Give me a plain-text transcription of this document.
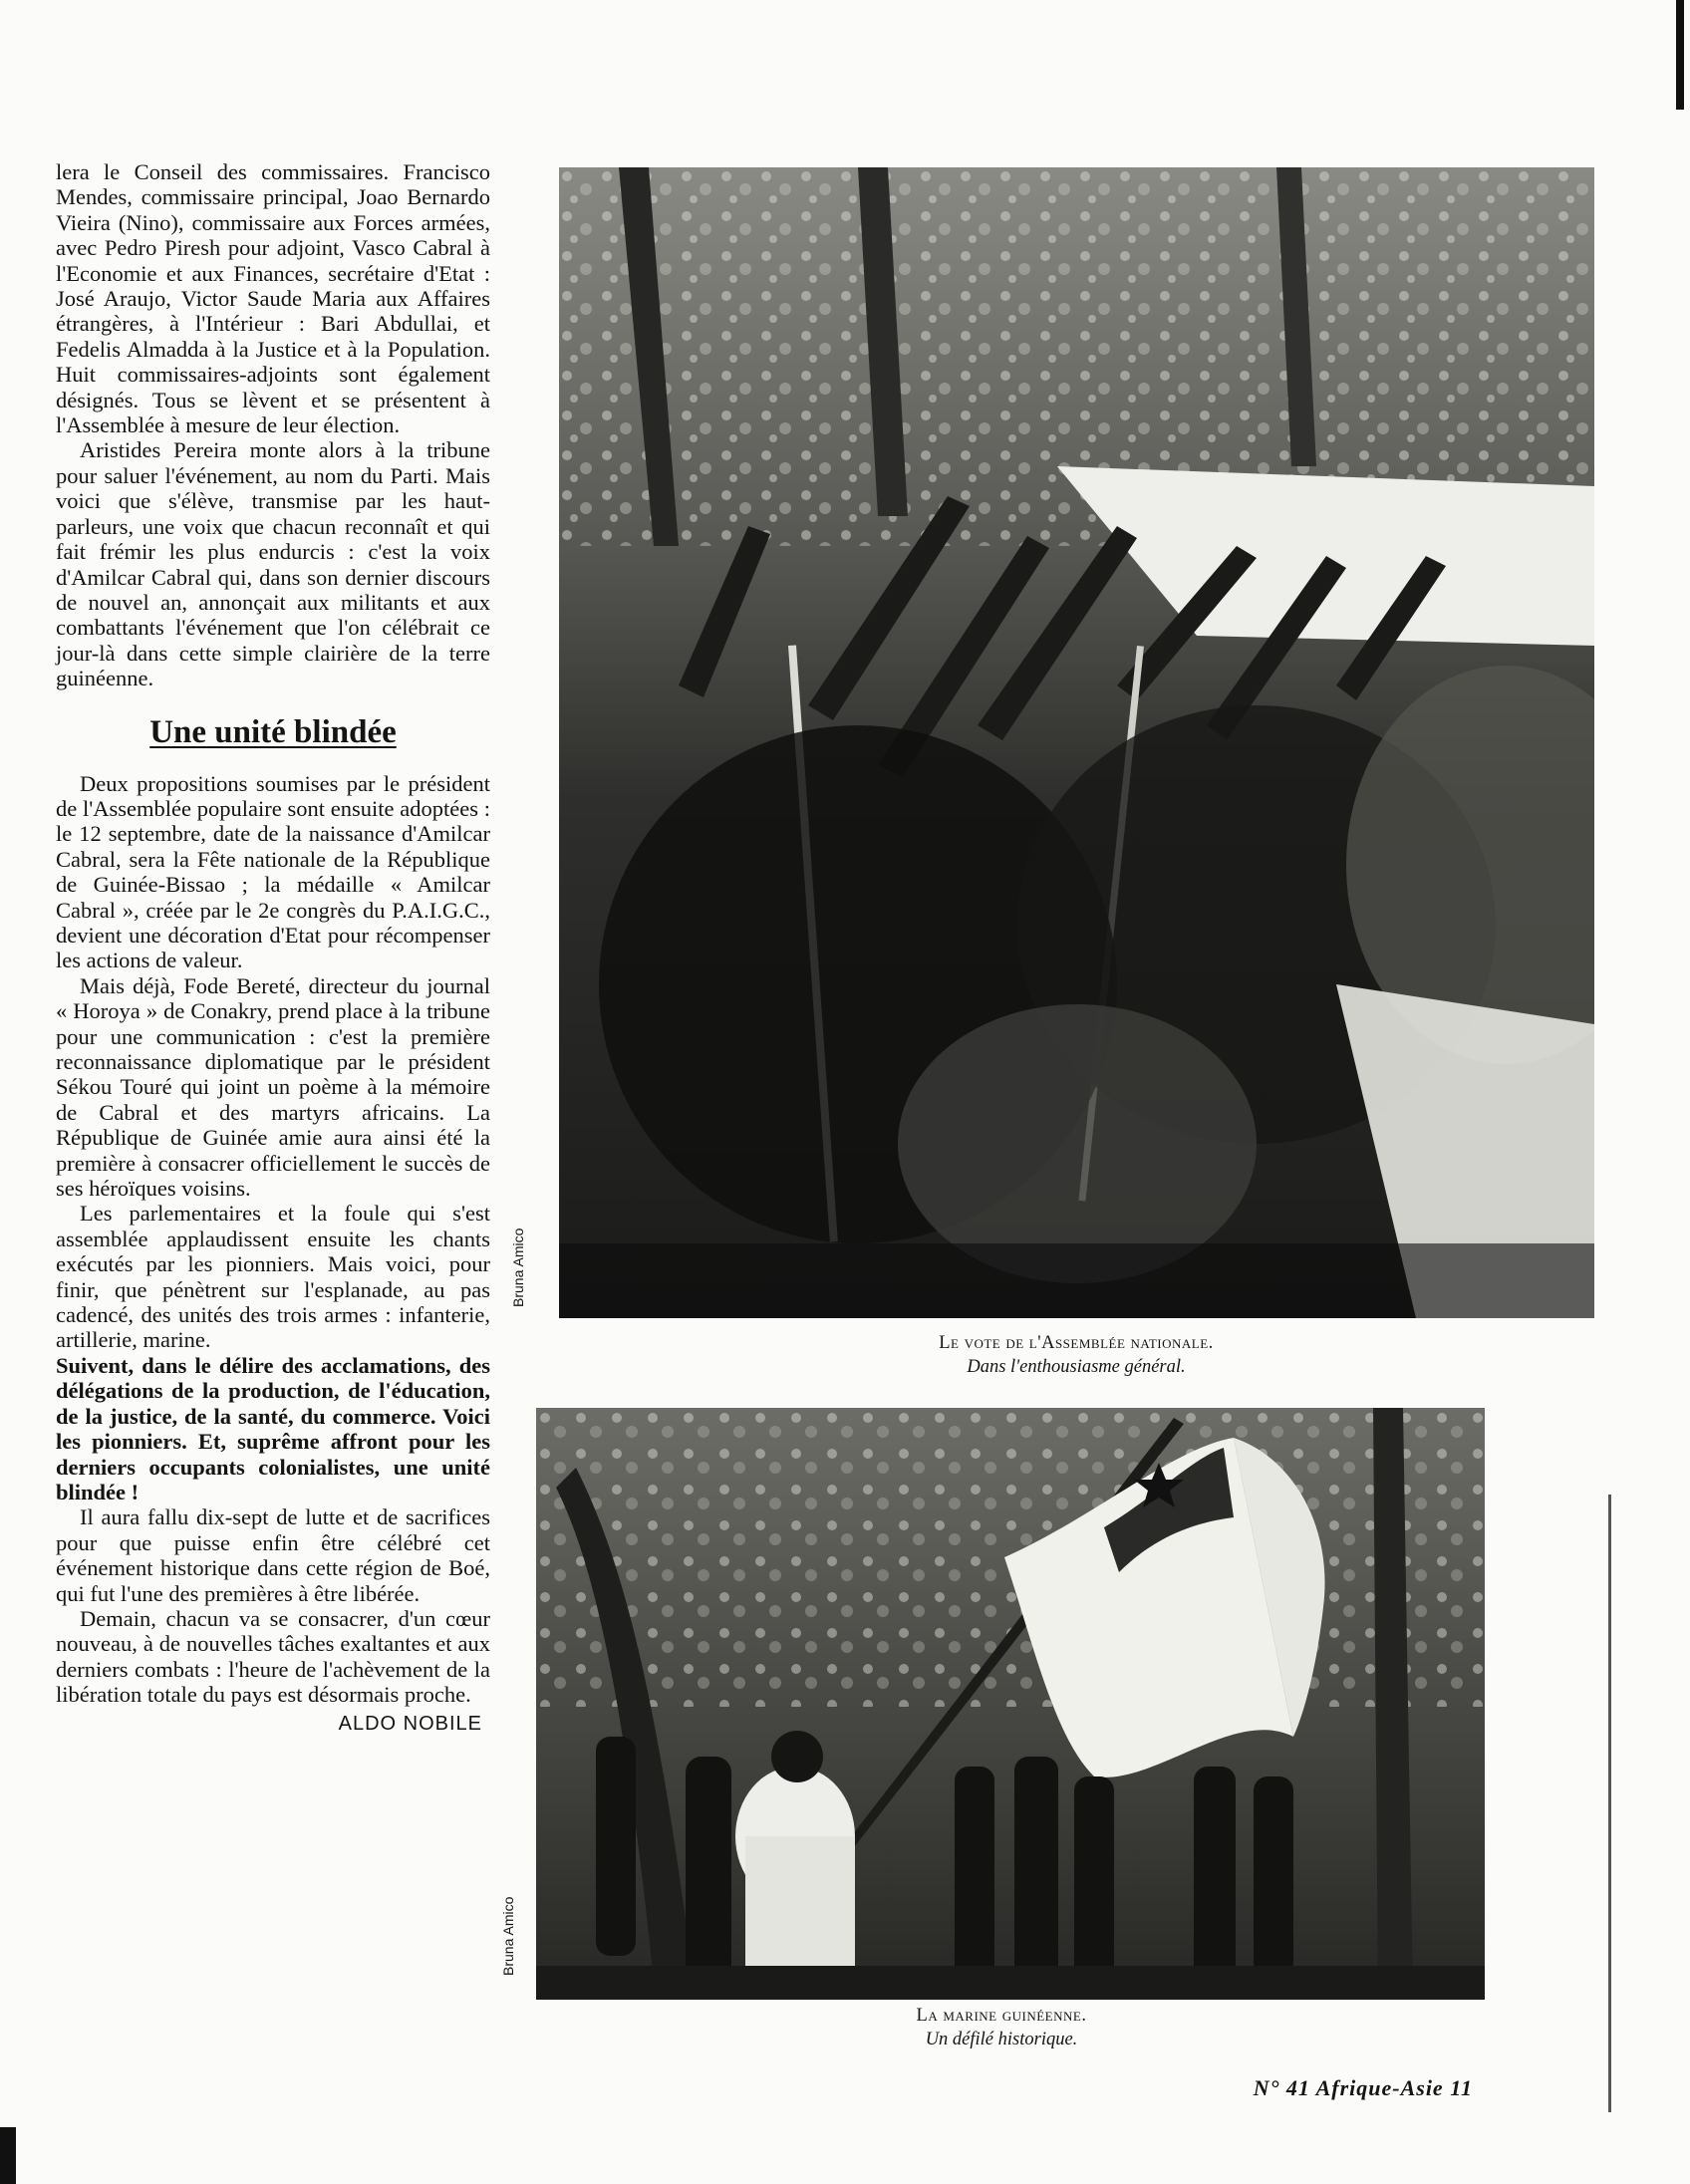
lera le Conseil des commissaires. Francisco Mendes, commissaire principal, Joao Bernardo Vieira (Nino), commissaire aux Forces armées, avec Pedro Piresh pour adjoint, Vasco Cabral à l'Economie et aux Finances, secrétaire d'Etat : José Araujo, Victor Saude Maria aux Affaires étrangères, à l'Intérieur : Bari Abdullai, et Fedelis Almadda à la Justice et à la Population. Huit commissaires-adjoints sont également désignés. Tous se lèvent et se présentent à l'Assemblée à mesure de leur élection.

Aristides Pereira monte alors à la tribune pour saluer l'événement, au nom du Parti. Mais voici que s'élève, transmise par les haut-parleurs, une voix que chacun reconnaît et qui fait frémir les plus endurcis : c'est la voix d'Amilcar Cabral qui, dans son dernier discours de nouvel an, annonçait aux militants et aux combattants l'événement que l'on célébrait ce jour-là dans cette simple clairière de la terre guinéenne.

Une unité blindée

Deux propositions soumises par le président de l'Assemblée populaire sont ensuite adoptées : le 12 septembre, date de la naissance d'Amilcar Cabral, sera la Fête nationale de la République de Guinée-Bissao ; la médaille « Amilcar Cabral », créée par le 2e congrès du P.A.I.G.C., devient une décoration d'Etat pour récompenser les actions de valeur.

Mais déjà, Fode Bereté, directeur du journal « Horoya » de Conakry, prend place à la tribune pour une communication : c'est la première reconnaissance diplomatique par le président Sékou Touré qui joint un poème à la mémoire de Cabral et des martyrs africains. La République de Guinée amie aura ainsi été la première à consacrer officiellement le succès de ses héroïques voisins.

Les parlementaires et la foule qui s'est assemblée applaudissent ensuite les chants exécutés par les pionniers. Mais voici, pour finir, que pénètrent sur l'esplanade, au pas cadencé, des unités des trois armes : infanterie, artillerie, marine.

Suivent, dans le délire des acclamations, des délégations de la production, de l'éducation, de la justice, de la santé, du commerce. Voici les pionniers. Et, suprême affront pour les derniers occupants colonialistes, une unité blindée !

Il aura fallu dix-sept de lutte et de sacrifices pour que puisse enfin être célébré cet événement historique dans cette région de Boé, qui fut l'une des premières à être libérée.

Demain, chacun va se consacrer, d'un cœur nouveau, à de nouvelles tâches exaltantes et aux derniers combats : l'heure de l'achèvement de la libération totale du pays est désormais proche.

ALDO NOBILE
Bruna Amico
Le vote de l'Assemblée nationale.
Dans l'enthousiasme général.
Bruna Amico
La marine guinéenne.
Un défilé historique.
N° 41 Afrique-Asie 11
